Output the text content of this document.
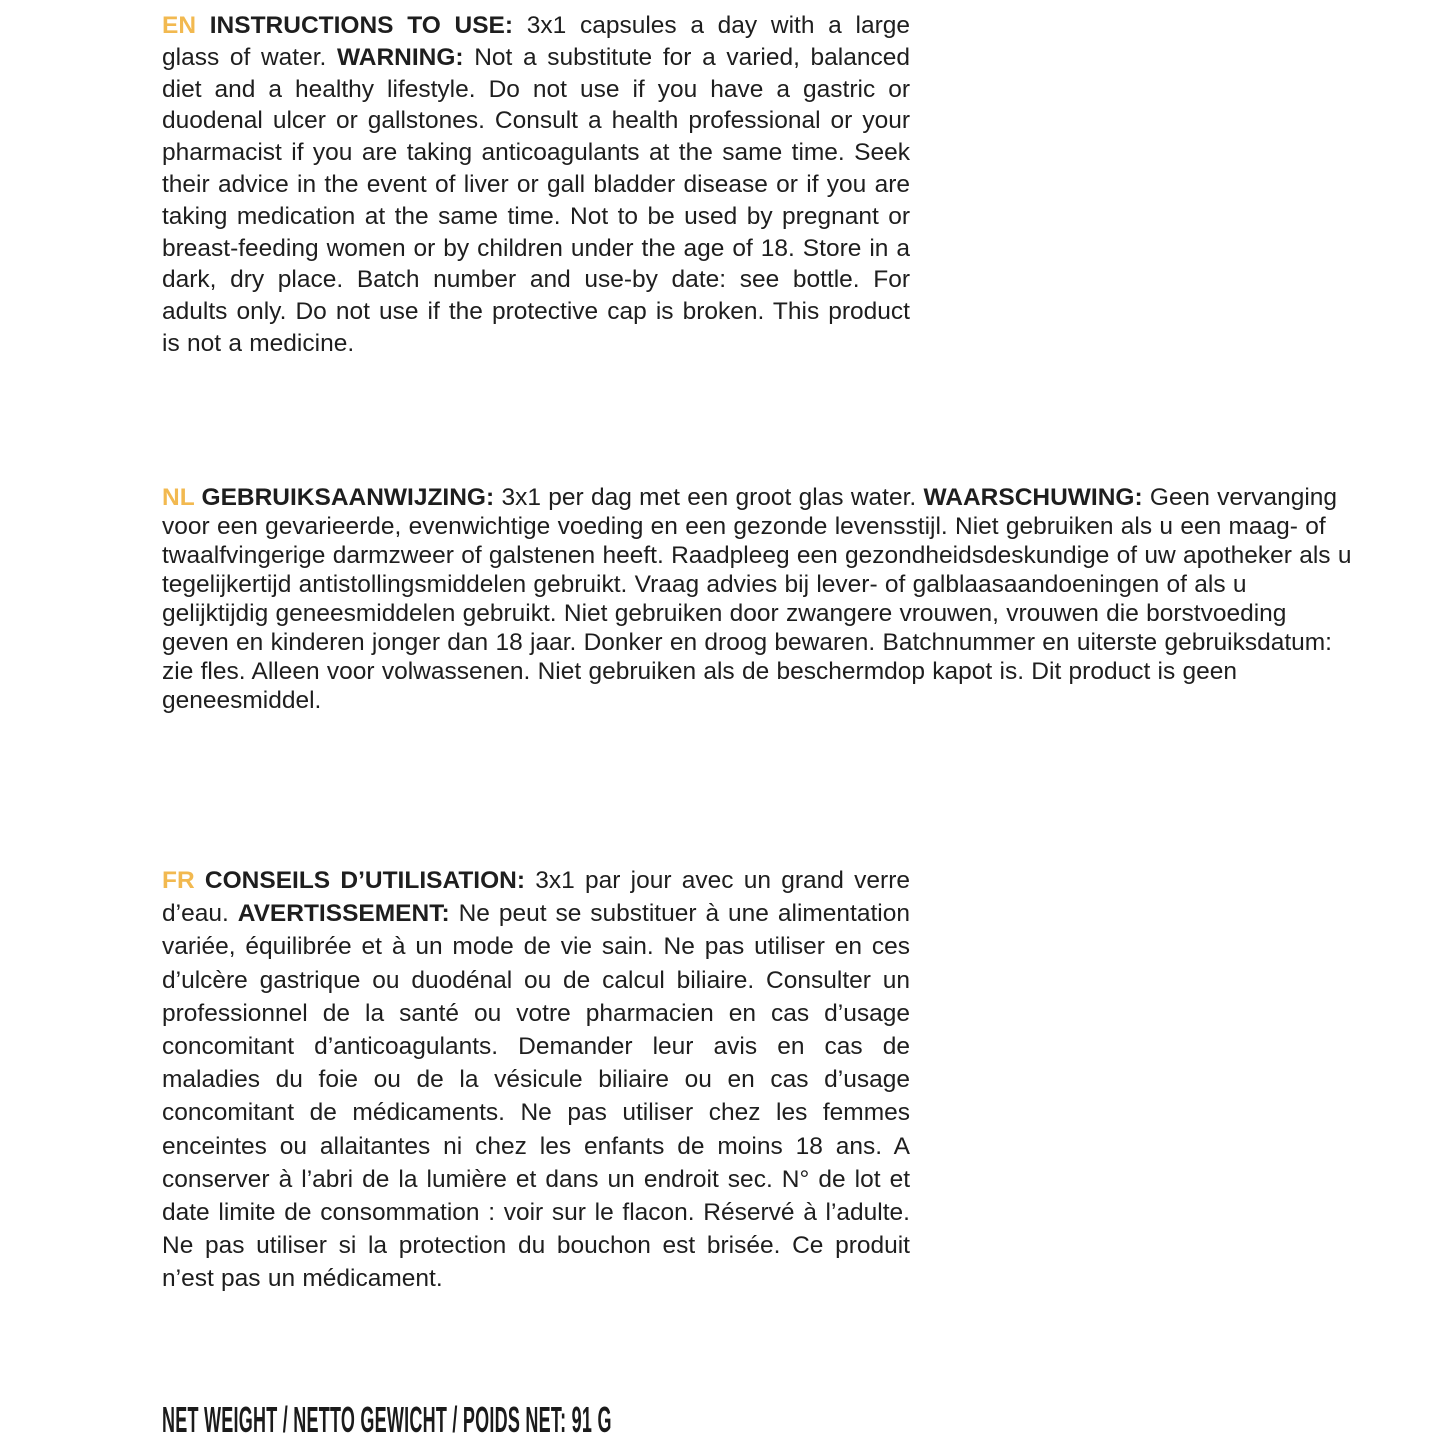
EN INSTRUCTIONS TO USE: 3x1 capsules a day with a large glass of water. WARNING: Not a substitute for a varied, balanced diet and a healthy lifestyle. Do not use if you have a gastric or duodenal ulcer or gallstones. Consult a health professional or your pharmacist if you are taking anticoagulants at the same time. Seek their advice in the event of liver or gall bladder disease or if you are taking medication at the same time. Not to be used by pregnant or breast-feeding women or by children under the age of 18. Store in a dark, dry place. Batch number and use-by date: see bottle. For adults only. Do not use if the protective cap is broken. This product is not a medicine.

NL GEBRUIKSAANWIJZING: 3x1 per dag met een groot glas water. WAARSCHUWING: Geen vervanging voor een gevarieerde, evenwichtige voeding en een gezonde levensstijl. Niet gebruiken als u een maag- of twaalfvingerige darmzweer of galstenen heeft. Raadpleeg een gezondheidsdeskundige of uw apotheker als u tegelijkertijd antistollingsmiddelen gebruikt. Vraag advies bij lever- of galblaasaandoeningen of als u gelijktijdig geneesmiddelen gebruikt. Niet gebruiken door zwangere vrouwen, vrouwen die borstvoeding geven en kinderen jonger dan 18 jaar. Donker en droog bewaren. Batchnummer en uiterste gebruiksdatum: zie fles. Alleen voor volwassenen. Niet gebruiken als de beschermdop kapot is. Dit product is geen geneesmiddel.

FR CONSEILS D’UTILISATION: 3x1 par jour avec un grand verre d’eau. AVERTISSEMENT: Ne peut se substituer à une alimentation variée, équilibrée et à un mode de vie sain. Ne pas utiliser en ces d’ulcère gastrique ou duodénal ou de calcul biliaire. Consulter un professionnel de la santé ou votre pharmacien en cas d’usage concomitant d’anticoagulants. Demander leur avis en cas de maladies du foie ou de la vésicule biliaire ou en cas d’usage concomitant de médicaments. Ne pas utiliser chez les femmes enceintes ou allaitantes ni chez les enfants de moins 18 ans. A conserver à l’abri de la lumière et dans un endroit sec. N° de lot et date limite de consommation : voir sur le flacon. Réservé à l’adulte. Ne pas utiliser si la protection du bouchon est brisée. Ce produit n’est pas un médicament.

NET WEIGHT / NETTO GEWICHT / POIDS NET: 91 G
